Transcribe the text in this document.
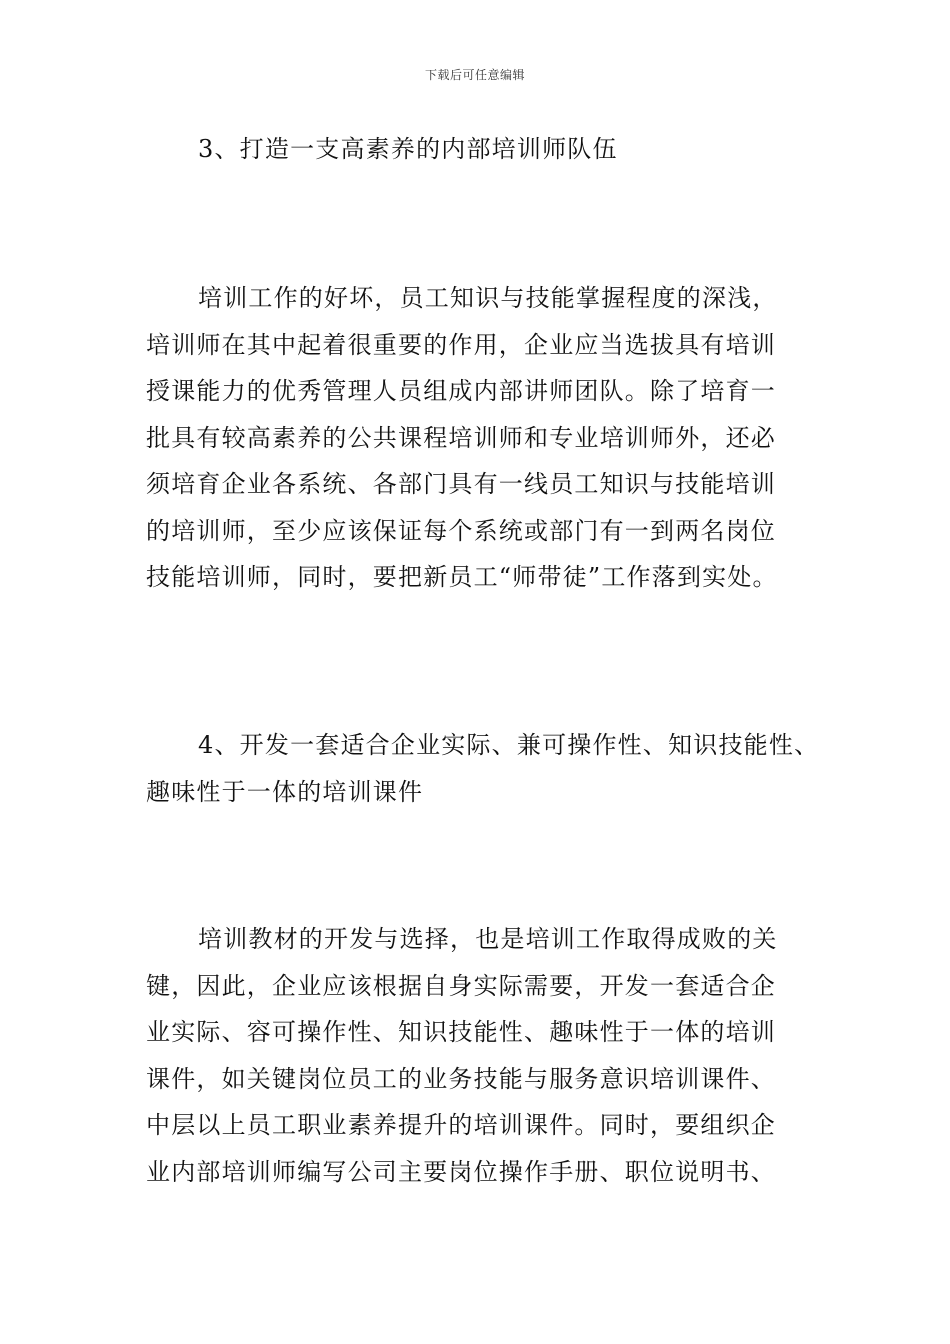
下载后可任意编辑
3、打造一支高素养的内部培训师队伍
培训工作的好坏，员工知识与技能掌握程度的深浅，
培训师在其中起着很重要的作用，企业应当选拔具有培训
授课能力的优秀管理人员组成内部讲师团队。除了培育一
批具有较高素养的公共课程培训师和专业培训师外，还必
须培育企业各系统、各部门具有一线员工知识与技能培训
的培训师，至少应该保证每个系统或部门有一到两名岗位
技能培训师，同时，要把新员工“师带徒”工作落到实处。
4、开发一套适合企业实际、兼可操作性、知识技能性、
趣味性于一体的培训课件
培训教材的开发与选择，也是培训工作取得成败的关
键，因此，企业应该根据自身实际需要，开发一套适合企
业实际、容可操作性、知识技能性、趣味性于一体的培训
课件，如关键岗位员工的业务技能与服务意识培训课件、
中层以上员工职业素养提升的培训课件。同时，要组织企
业内部培训师编写公司主要岗位操作手册、职位说明书、
